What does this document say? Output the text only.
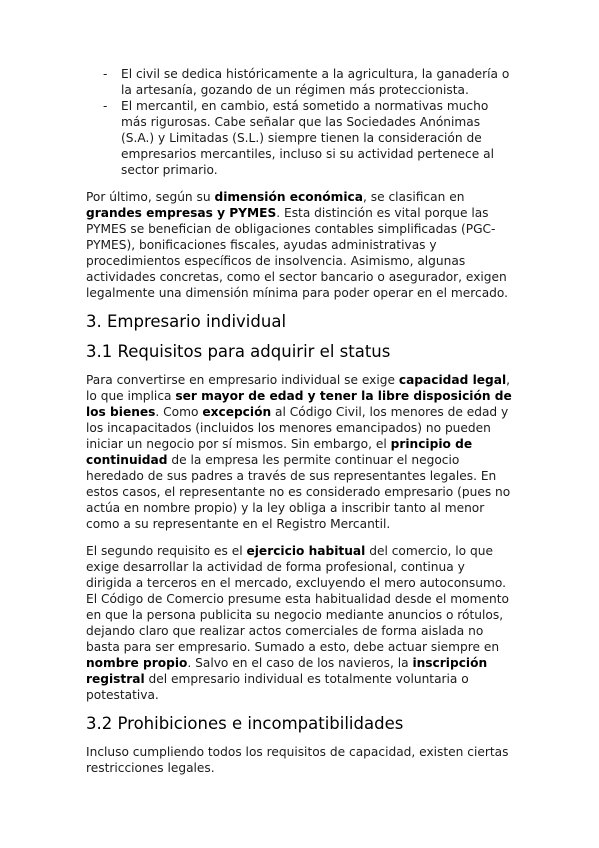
- El civil se dedica históricamente a la agricultura, la ganadería o la artesanía, gozando de un régimen más proteccionista.
- El mercantil, en cambio, está sometido a normativas mucho más rigurosas. Cabe señalar que las Sociedades Anónimas (S.A.) y Limitadas (S.L.) siempre tienen la consideración de empresarios mercantiles, incluso si su actividad pertenece al sector primario.

Por último, según su dimensión económica, se clasifican en grandes empresas y PYMES. Esta distinción es vital porque las PYMES se benefician de obligaciones contables simplificadas (PGC-PYMES), bonificaciones fiscales, ayudas administrativas y procedimientos específicos de insolvencia. Asimismo, algunas actividades concretas, como el sector bancario o asegurador, exigen legalmente una dimensión mínima para poder operar en el mercado.

3. Empresario individual
3.1 Requisitos para adquirir el status

Para convertirse en empresario individual se exige capacidad legal, lo que implica ser mayor de edad y tener la libre disposición de los bienes. Como excepción al Código Civil, los menores de edad y los incapacitados (incluidos los menores emancipados) no pueden iniciar un negocio por sí mismos. Sin embargo, el principio de continuidad de la empresa les permite continuar el negocio heredado de sus padres a través de sus representantes legales. En estos casos, el representante no es considerado empresario (pues no actúa en nombre propio) y la ley obliga a inscribir tanto al menor como a su representante en el Registro Mercantil.

El segundo requisito es el ejercicio habitual del comercio, lo que exige desarrollar la actividad de forma profesional, continua y dirigida a terceros en el mercado, excluyendo el mero autoconsumo. El Código de Comercio presume esta habitualidad desde el momento en que la persona publicita su negocio mediante anuncios o rótulos, dejando claro que realizar actos comerciales de forma aislada no basta para ser empresario. Sumado a esto, debe actuar siempre en nombre propio. Salvo en el caso de los navieros, la inscripción registral del empresario individual es totalmente voluntaria o potestativa.

3.2 Prohibiciones e incompatibilidades

Incluso cumpliendo todos los requisitos de capacidad, existen ciertas restricciones legales.
